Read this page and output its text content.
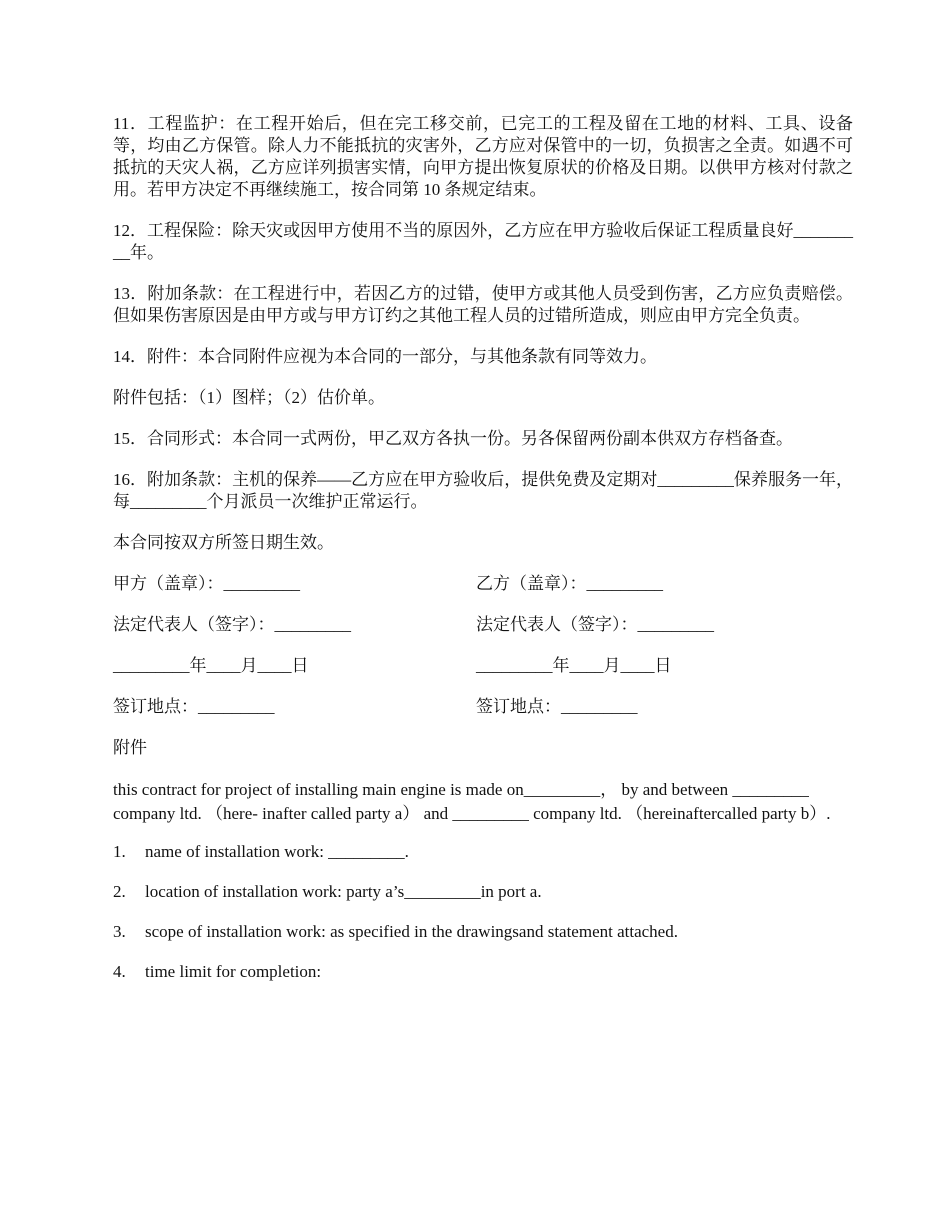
11．工程监护：在工程开始后，但在完工移交前，已完工的工程及留在工地的材料、工具、设备等，均由乙方保管。除人力不能抵抗的灾害外，乙方应对保管中的一切，负损害之全责。如遇不可抵抗的天灾人祸，乙方应详列损害实情，向甲方提出恢复原状的价格及日期。以供甲方核对付款之用。若甲方决定不再继续施工，按合同第 10 条规定结束。

12．工程保险：除天灾或因甲方使用不当的原因外，乙方应在甲方验收后保证工程质量良好_________年。

13．附加条款：在工程进行中，若因乙方的过错，使甲方或其他人员受到伤害，乙方应负责赔偿。但如果伤害原因是由甲方或与甲方订约之其他工程人员的过错所造成，则应由甲方完全负责。

14．附件：本合同附件应视为本合同的一部分，与其他条款有同等效力。

附件包括：（1）图样；（2）估价单。

15．合同形式：本合同一式两份，甲乙双方各执一份。另各保留两份副本供双方存档备查。

16．附加条款：主机的保养——乙方应在甲方验收后，提供免费及定期对_________保养服务一年，每_________个月派员一次维护正常运行。

本合同按双方所签日期生效。

甲方（盖章）：_________	乙方（盖章）：_________
法定代表人（签字）：_________	法定代表人（签字）：_________
_________年____月____日	_________年____月____日
签订地点：_________	签订地点：_________

附件

this contract for project of installing main engine is made on_________， by and between _________ company ltd. （here- inafter called party a） and _________ company ltd. （hereinaftercalled party b）.

1.	name of installation work: _________.
2.	location of installation work: party a’s_________in port a.
3.	scope of installation work: as specified in the drawingsand statement attached.
4.	time limit for completion:
